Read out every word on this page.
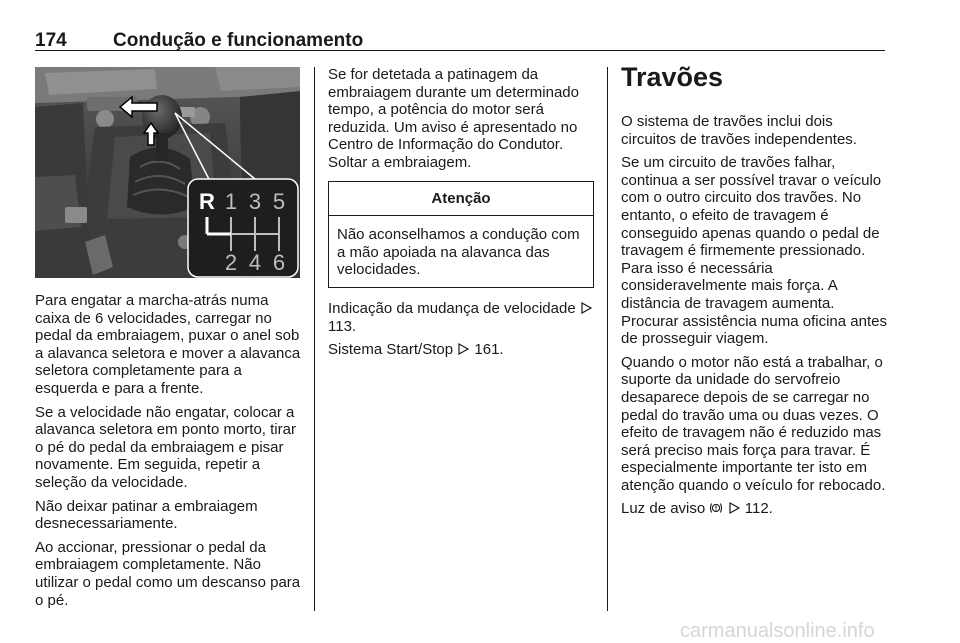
174 Condução e funcionamento
R 1 3 5
2 4 6

Para engatar a marcha-atrás numa caixa de 6 velocidades, carregar no pedal da embraiagem, puxar o anel sob a alavanca seletora e mover a alavanca seletora completamente para a esquerda e para a frente.

Se a velocidade não engatar, colocar a alavanca seletora em ponto morto, tirar o pé do pedal da embraiagem e pisar novamente. Em seguida, repetir a seleção da velocidade.

Não deixar patinar a embraiagem desnecessariamente.

Ao accionar, pressionar o pedal da embraiagem completamente. Não utilizar o pedal como um descanso para o pé.

Se for detetada a patinagem da embraiagem durante um determinado tempo, a potência do motor será reduzida. Um aviso é apresentado no Centro de Informação do Condutor. Soltar a embraiagem.

Atenção
Não aconselhamos a condução com a mão apoiada na alavanca das velocidades.

Indicação da mudança de velocidade  113.

Sistema Start/Stop 161.

Travões

O sistema de travões inclui dois circuitos de travões independentes.

Se um circuito de travões falhar, continua a ser possível travar o veículo com o outro circuito dos travões. No entanto, o efeito de travagem é conseguido apenas quando o pedal de travagem é firmemente pressionado. Para isso é necessária consideravelmente mais força. A distância de travagem aumenta. Procurar assistência numa oficina antes de prosseguir viagem.

Quando o motor não está a trabalhar, o suporte da unidade do servofreio desaparece depois de se carregar no pedal do travão uma ou duas vezes. O efeito de travagem não é reduzido mas será preciso mais força para travar. É especialmente importante ter isto em atenção quando o veículo for rebocado.

Luz de aviso	112.

carmanualsonline.info
